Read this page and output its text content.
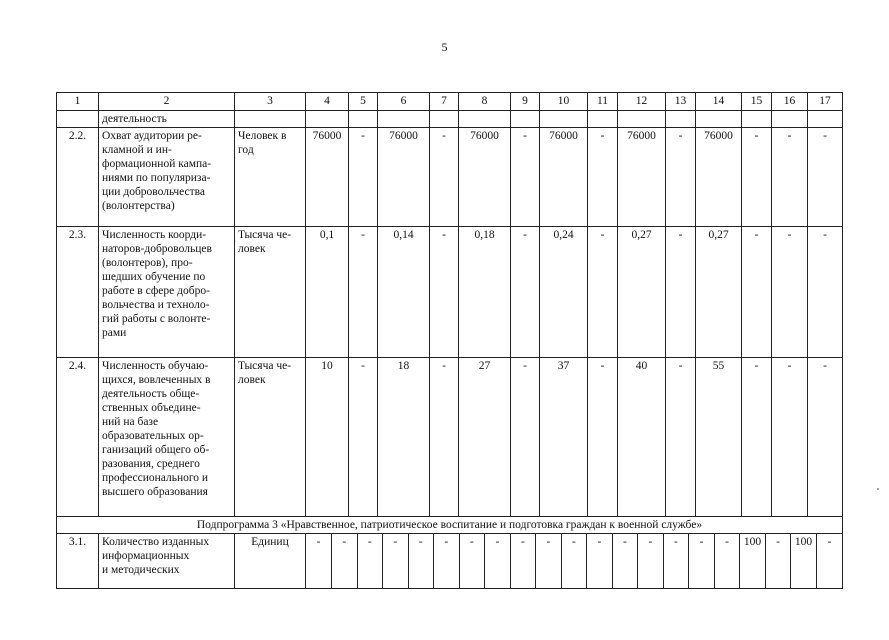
5
1	2	3	4	5	6	7	8	9	10	11	12	13	14	15	16	17
	деятельность															
2.2.	Охват аудитории ре-
кламной и ин-
формационной кампа-
ниями по популяриза-
ции добровольчества
(волонтерства)	Человек в
год	76000	-	76000	-	76000	-	76000	-	76000	-	76000	-	-	-
2.3.	Численность коорди-
наторов-добровольцев
(волонтеров), про-
шедших обучение по
работе в сфере добро-
вольчества и техноло-
гий работы с волонте-
рами	Тысяча че-
ловек	0,1	-	0,14	-	0,18	-	0,24	-	0,27	-	0,27	-	-	-
2.4.	Численность обучаю-
щихся, вовлеченных в
деятельность обще-
ственных объедине-
ний на базе
образовательных ор-
ганизаций общего об-
разования, среднего
профессионального и
высшего образования	Тысяча че-
ловек	10	-	18	-	27	-	37	-	40	-	55	-	-	-
Подпрограмма 3 «Нравственное, патриотическое воспитание и подготовка граждан к военной службе»
3.1.	Количество изданных
информационных
и методических	Единиц	-	-	-	-	-	-	-	-	-	-	-	-	-	-	-	-	-	100	-	100	-
